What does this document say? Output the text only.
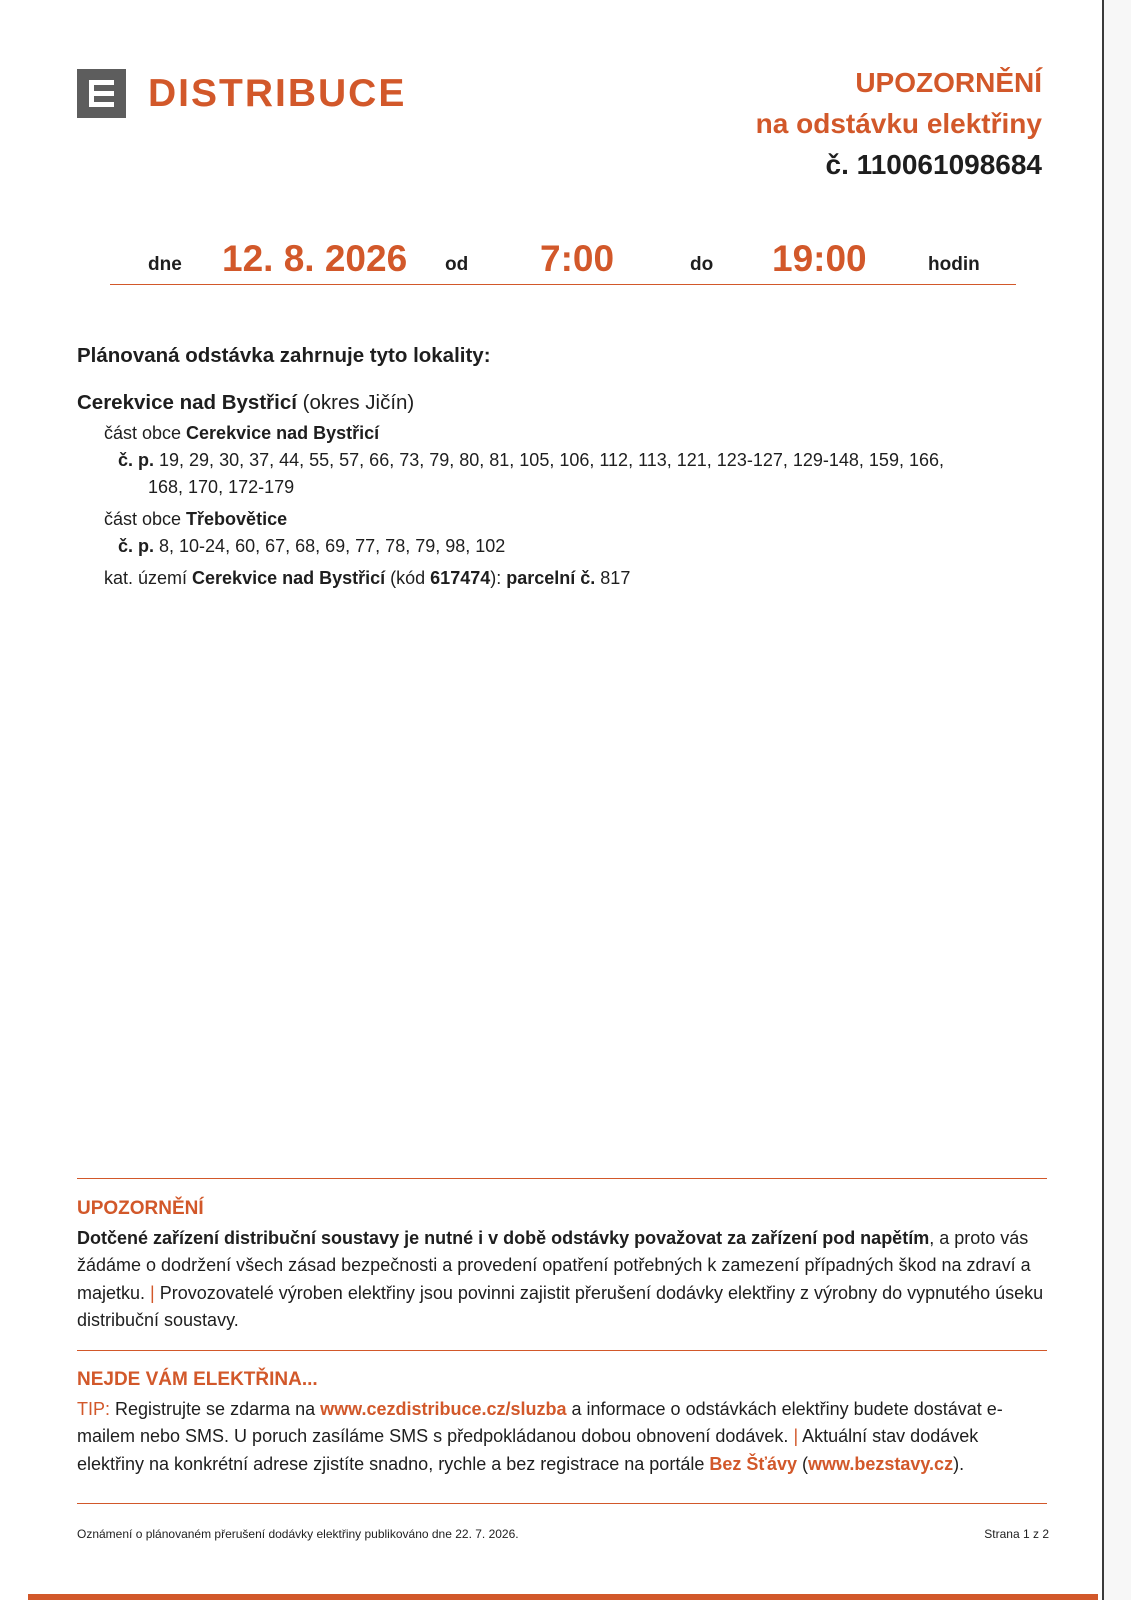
DISTRIBUCE	UPOZORNĚNÍ
na odstávku elektřiny
č. 110061098684
dne 12. 8. 2026 od 7:00	do 19:00	hodin
Plánovaná odstávka zahrnuje tyto lokality:
Cerekvice nad Bystřicí (okres Jičín)
část obce Cerekvice nad Bystřicí
č. p. 19, 29, 30, 37, 44, 55, 57, 66, 73, 79, 80, 81, 105, 106, 112, 113, 121, 123-127, 129-148, 159, 166,
168, 170, 172-179
část obce Třebovětice
č. p. 8, 10-24, 60, 67, 68, 69, 77, 78, 79, 98, 102
kat. území Cerekvice nad Bystřicí (kód 617474): parcelní č. 817
UPOZORNĚNÍ

Dotčené zařízení distribuční soustavy je nutné i v době odstávky považovat za zařízení pod napětím, a proto vás žádáme o dodržení všech zásad bezpečnosti a provedení opatření potřebných k zamezení případných škod na zdraví a majetku. | Provozovatelé výroben elektřiny jsou povinni zajistit přerušení dodávky elektřiny z výrobny do vypnutého úseku distribuční soustavy.

NEJDE VÁM ELEKTŘINA...

TIP: Registrujte se zdarma na www.cezdistribuce.cz/sluzba a informace o odstávkách elektřiny budete dostávat e-mailem nebo SMS. U poruch zasíláme SMS s předpokládanou dobou obnovení dodávek. | Aktuální stav dodávek elektřiny na konkrétní adrese zjistíte snadno, rychle a bez registrace na portále Bez Šťávy (www.bezstavy.cz).

Oznámení o plánovaném přerušení dodávky elektřiny publikováno dne 22. 7. 2026.	Strana 1 z 2
